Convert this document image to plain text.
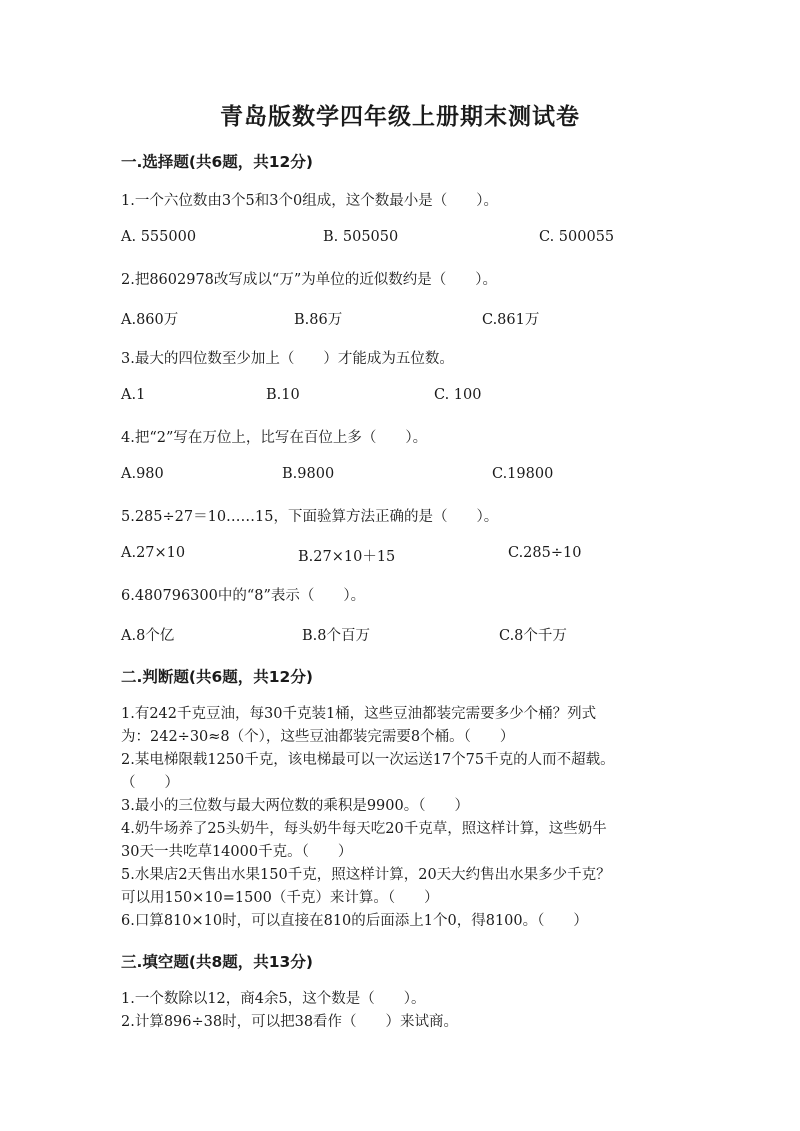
青岛版数学四年级上册期末测试卷
一.选择题(共6题，共12分)
1.一个六位数由3个5和3个0组成，这个数最小是（　　）。
A. 555000	B. 505050	C. 500055
2.把8602978改写成以“万”为单位的近似数约是（　　）。
A.860万	B.86万	C.861万
3.最大的四位数至少加上（　　）才能成为五位数。
A.1	B.10	C. 100
4.把“2”写在万位上，比写在百位上多（　　）。
A.980	B.9800	C.19800
5.285÷27＝10……15，下面验算方法正确的是（　　）。
A.27×10	B.27×10＋15	C.285÷10
6.480796300中的“8”表示（　　）。
A.8个亿	B.8个百万	C.8个千万
二.判断题(共6题，共12分)
1.有242千克豆油，每30千克装1桶，这些豆油都装完需要多少个桶？列式
为：242÷30≈8（个），这些豆油都装完需要8个桶。（　　）
2.某电梯限载1250千克，该电梯最可以一次运送17个75千克的人而不超载。
（　　）
3.最小的三位数与最大两位数的乘积是9900。（　　）
4.奶牛场养了25头奶牛，每头奶牛每天吃20千克草，照这样计算，这些奶牛
30天一共吃草14000千克。（　　）
5.水果店2天售出水果150千克，照这样计算，20天大约售出水果多少千克？
可以用150×10=1500（千克）来计算。（　　）
6.口算810×10时，可以直接在810的后面添上1个0，得8100。（　　）
三.填空题(共8题，共13分)
1.一个数除以12，商4余5，这个数是（　　）。
2.计算896÷38时，可以把38看作（　　）来试商。
